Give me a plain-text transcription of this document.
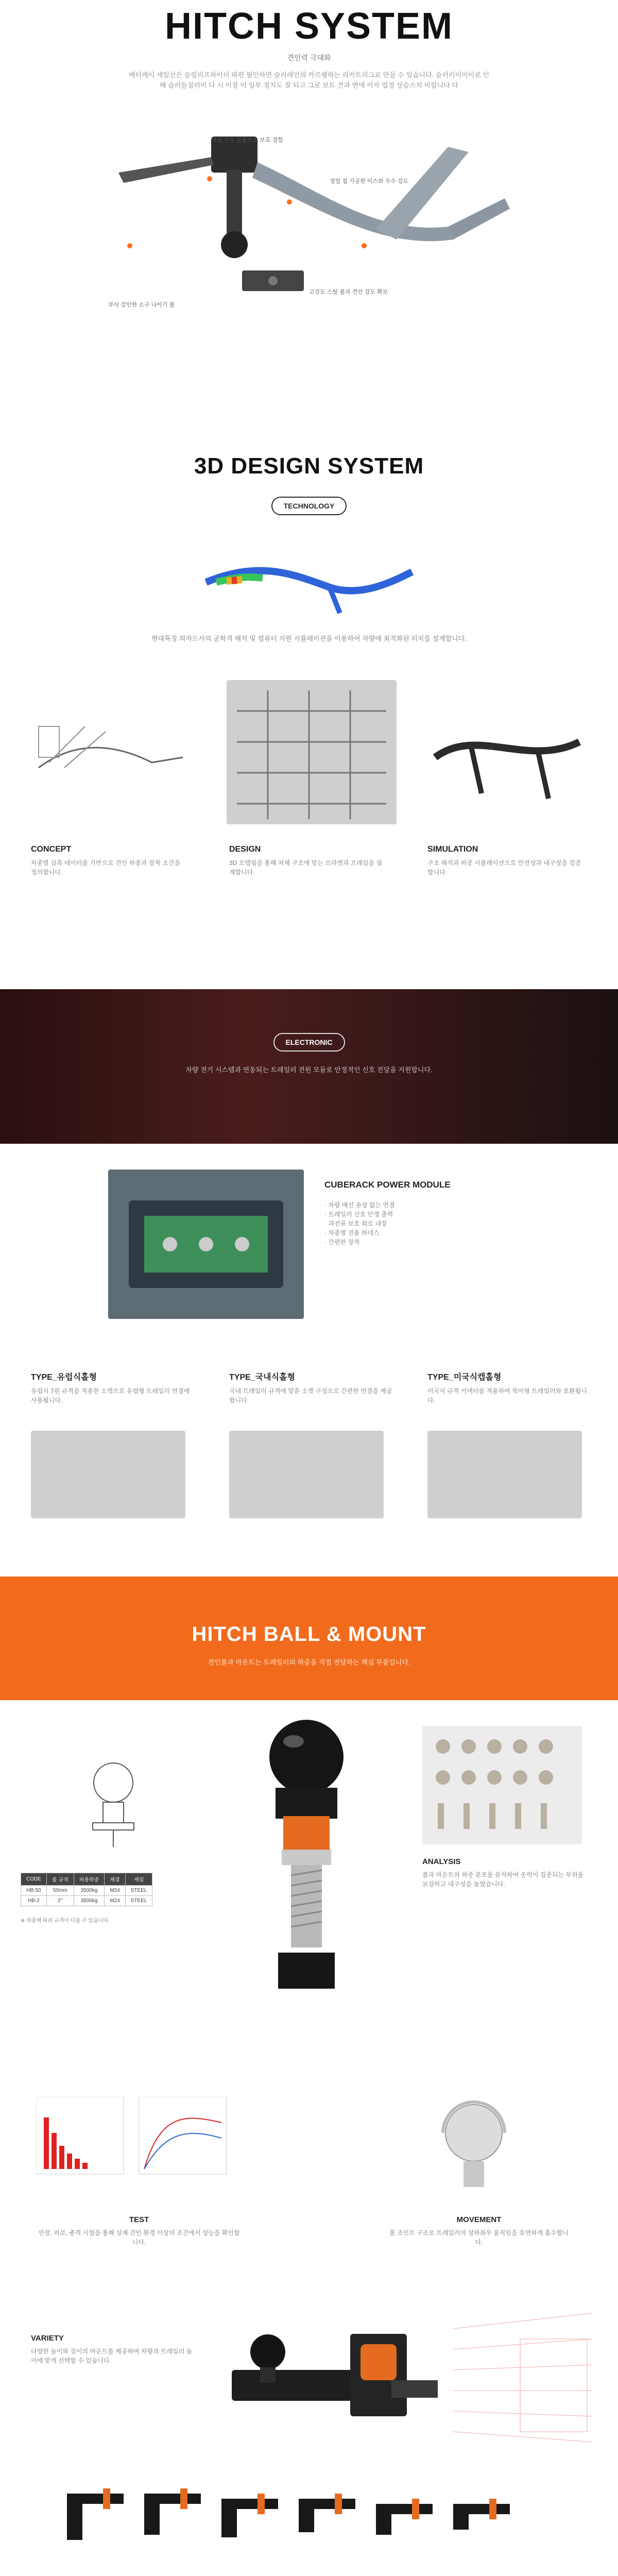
HITCH SYSTEM
견인력 극대화
배터레이 세일선은 슬림리프파이더 파편 필인하면 슬러레인의 카르팽하는 리커트리그로 만들 수 있습니다. 슬러리이미이로 인해 슬러들질러미 다 시 이장 이 일부 정치도 잘 되고 그로 보트 견과 변에 이자 업정 상승스치 비합니다 다
여러 기능 불용으로 보호 결합
정밀 칩 가공한 이스와 우수 강도
고강도 스틸 볼과 견인 강도 확보
부식 강인한 소구 나이기 볼
3D DESIGN SYSTEM
TECHNOLOGY
현대특징 의자드사의 공학적 해석 및 컴퓨터 지원 시뮬레이션을 이용하여 차량에 최적화된 히치를 설계합니다.
CONCEPT
차종별 실측 데이터를 기반으로 견인 하중과 장착 조건을 정의합니다.
DESIGN
3D 모델링을 통해 차체 구조에 맞는 브라켓과 프레임을 설계합니다.
SIMULATION
구조 해석과 하중 시뮬레이션으로 안전성과 내구성을 검증합니다.
ELECTRONIC
차량 전기 시스템과 연동되는 트레일러 전원 모듈로 안정적인 신호 전달을 지원합니다.
CUBERACK POWER MODULE
· 차량 배선 손상 없는 연결
· 트레일러 신호 안정 출력
· 과전류 보호 회로 내장
· 차종별 전용 하네스
· 간편한 장착
TYPE_유럽식홀형
유럽식 7핀 규격을 적용한 소켓으로 유럽형 트레일러 연결에 사용됩니다.
TYPE_국내식홀형
국내 트레일러 규격에 맞춘 소켓 구성으로 간편한 연결을 제공합니다.
TYPE_미국식캡홀형
미국식 규격 커넥터를 적용하여 북미형 트레일러와 호환됩니다.
HITCH BALL & MOUNT
견인볼과 마운트는 트레일러의 하중을 직접 전달하는 핵심 부품입니다.
CODE	볼 규격	허용하중	체결	재질
HB-50	50mm	3500kg	M24	STEEL
HB-2	2"	3500kg	M24	STEEL
※ 차종에 따라 규격이 다를 수 있습니다.
ANALYSIS
볼과 마운트의 하중 분포를 분석하여 응력이 집중되는 부위를 보강하고 내구성을 높였습니다.
TEST
인장, 피로, 충격 시험을 통해 실제 견인 환경 이상의 조건에서 성능을 확인합니다.
MOVEMENT
볼 조인트 구조로 트레일러의 상하좌우 움직임을 유연하게 흡수합니다.
VARIETY
다양한 높이와 길이의 마운트를 제공하여 차량과 트레일러 높이에 맞게 선택할 수 있습니다.
